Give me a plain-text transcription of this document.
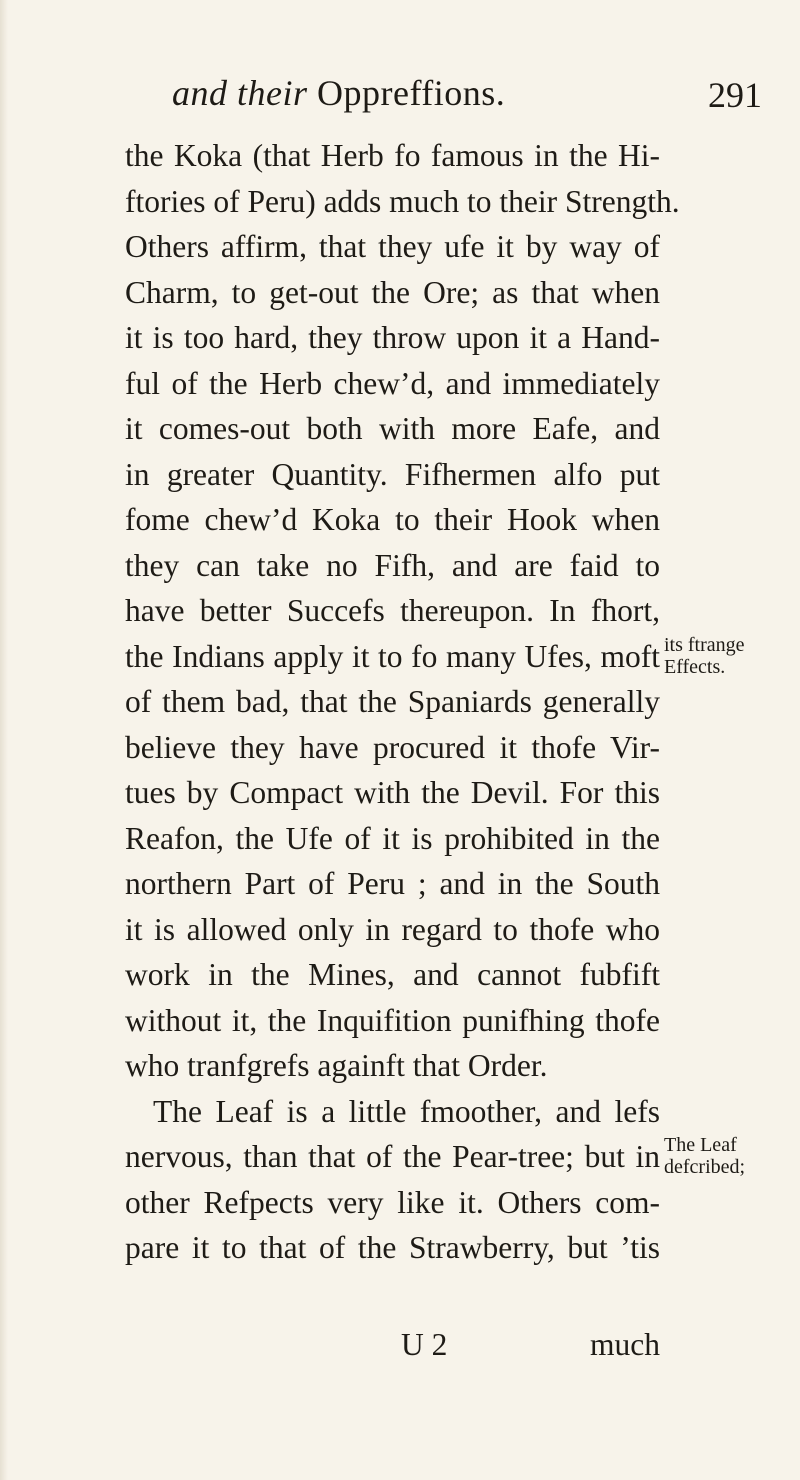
and their Oppreffions.	291
the Koka (that Herb fo famous in the Hi-
ftories of Peru) adds much to their Strength.
Others affirm, that they ufe it by way of
Charm, to get-out the Ore; as that when
it is too hard, they throw upon it a Hand-
ful of the Herb chew’d, and immediately
it comes-out both with more Eafe, and
in greater Quantity. Fifhermen alfo put
fome chew’d Koka to their Hook when
they can take no Fifh, and are faid to
have better Succefs thereupon. In fhort,
the Indians apply it to fo many Ufes, moft
of them bad, that the Spaniards generally
believe they have procured it thofe Vir-
tues by Compact with the Devil. For this
Reafon, the Ufe of it is prohibited in the
northern Part of Peru ; and in the South
it is allowed only in regard to thofe who
work in the Mines, and cannot fubfift
without it, the Inquifition punifhing thofe
who tranfgrefs againft that Order.
The Leaf is a little fmoother, and lefs
nervous, than that of the Pear-tree; but in
other Refpects very like it. Others com-
pare it to that of the Strawberry, but ’tis
its ftrange
Effects.
The Leaf
defcribed;
U 2	much
